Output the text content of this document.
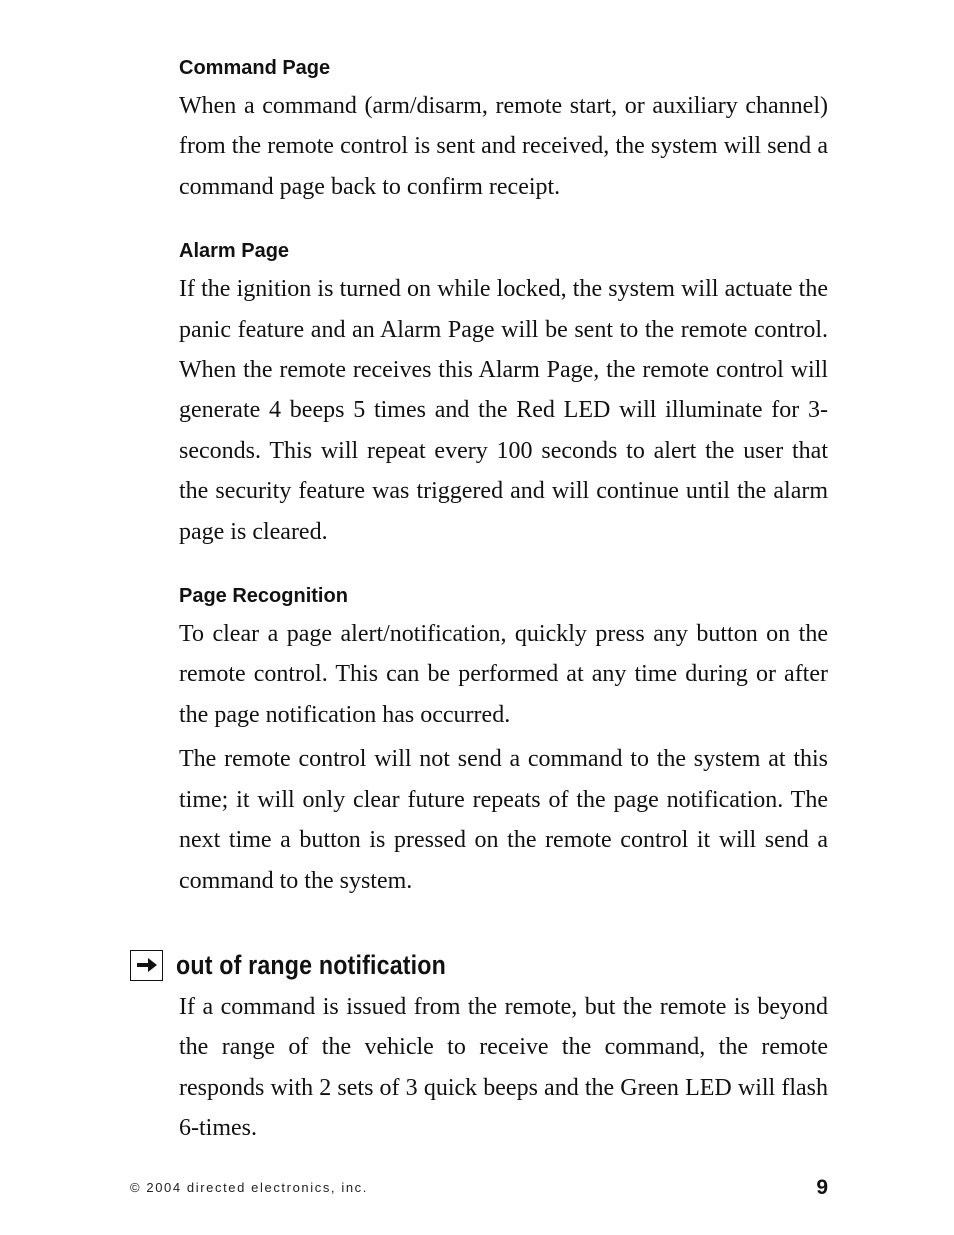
Command Page

When a command (arm/disarm, remote start, or auxiliary channel) from the remote control is sent and received, the system will send a command page back to confirm receipt.

Alarm Page

If the ignition is turned on while locked, the system will actuate the panic feature and an Alarm Page will be sent to the remote control. When the remote receives this Alarm Page, the remote control will generate 4 beeps 5 times and the Red LED will illuminate for 3-seconds. This will repeat every 100 seconds to alert the user that the security feature was triggered and will continue until the alarm page is cleared.

Page Recognition

To clear a page alert/notification, quickly press any button on the remote control. This can be performed at any time during or after the page notification has occurred.

The remote control will not send a command to the system at this time; it will only clear future repeats of the page notification. The next time a button is pressed on the remote control it will send a command to the system.

out of range notification

If a command is issued from the remote, but the remote is beyond the range of the vehicle to receive the command, the remote responds with 2 sets of 3 quick beeps and the Green LED will flash 6-times.

© 2004 directed electronics, inc.	9
